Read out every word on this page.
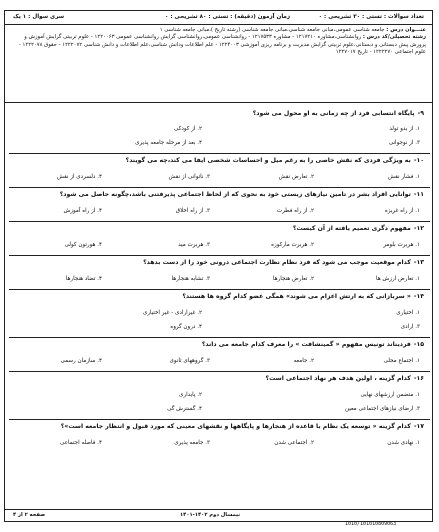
سری سوال : ۱ یک	زمان آزمون (دقیقه) : تستی : ۸۰ تشریحی : ۰	تعداد سوالات : تستی : ۳۰ تشریحی : ۰
عنـــوان درس : جامعه شناسی عمومی،مبانی جامعه شناسی،مبانی جامعه شناسی (رشته تاریخ )،مبانی جامعه شناسی ۱
رشته تحصیلی/کد درس : روانشناسی،مشاوره ۱۲۱۷۲۱۰ - مشاوره ۱۲۱۷۵۳۳ - روانشناسی عمومی،روانشناسی گرایش روانشناسی عمومی ۱۲۲۰۰۶۳ - علوم تربیتی گرایش آموزش و پرورش پیش دبستانی و دبستانی،علوم تربیتی گرایش مدیریت و برنامه ریزی آموزشی ۱۲۲۴۰۰۳ - علم اطلاعات ودانش شناسی،علم اطلاعات و دانش شناسی ۱۲۲۲۰۷۲ - حقوق ۱۲۲۲۰۷۸ - علوم اجتماعی ۱۲۲۲۲۷۰ - تاریخ ۱۲۲۷۰۱۷
۹-پایگاه انتسابی فرد از چه زمانی به او محول می شود؟
۱. از بدو تولد
۲. از کودکی
۳. از نوجوانی
۴. بعد از مرحله جامعه پذیری
۱۰-به ویژگی فردی که نقش خاصی را به رغم میل و احساسات شخصی ایفا می کند،چه می گویند؟
۱. فشار نقش
۲. تعارض نقش
۳. ناتوانی از نقش
۴. دلسردی از نقش
۱۱-توانایی افراد بشر در تامین نیازهای زیستی خود به نحوی که از لحاظ اجتماعی پذیرفتنی باشد،چگونه حاصل می شود؟
۱. از راه غریزه
۲. از راه فطرت
۳. از راه اخلاق
۴. از راه آموزش
۱۲-مفهوم دگری تعمیم یافته از آن کیست؟
۱. هربرت بلومر
۲. هربرت مارکوزه
۳. هربرت مید
۴. هورتون کولی
۱۳-کدام موقعیت موجب می شود که فرد نظام نظارت اجتماعی درونی خود را از دست بدهد؟
۱. تعارض ارزش ها
۲. تعارض هنجارها
۳. تشابه هنجارها
۴. تضاد هنجارها
۱۴-« سربازانی که به ارتش اعزام می شوند» همگی عضو کدام گروه ها هستند؟
۱. اختیاری
۲. غیرارادی - غیر اختیاری
۳. ارادی
۴. درون گروه
۱۵-فردیناند تونیس مفهوم « گمینشافت » را معرف کدام جامعه می داند؟
۱. اجتماع محلی
۲. جامعه
۳. گروههای ثانوی
۴. سازمان رسمی
۱۶-کدام گزینه ، اولین هدف هر نهاد اجتماعی است؟
۱. متضمن ارزشهای نهایی
۲. پایداری
۳. ارضای نیازهای اجتماعی معین
۴. گسترش گی
۱۷-کدام گزینه « توسعه یک نظام با قاعده از هنجارها و پایگاهها و نقشهای معینی که مورد قبول و انتظار جامعه است»؟
۱. نهادی شدن
۲. اجتماعی شدن
۳. جامعه پذیری
۴. فاصله اجتماعی
صفحه ۲ از ۴	نیمسال دوم ۱۴۰۲-۱۴۰۱
1010/101010809063
